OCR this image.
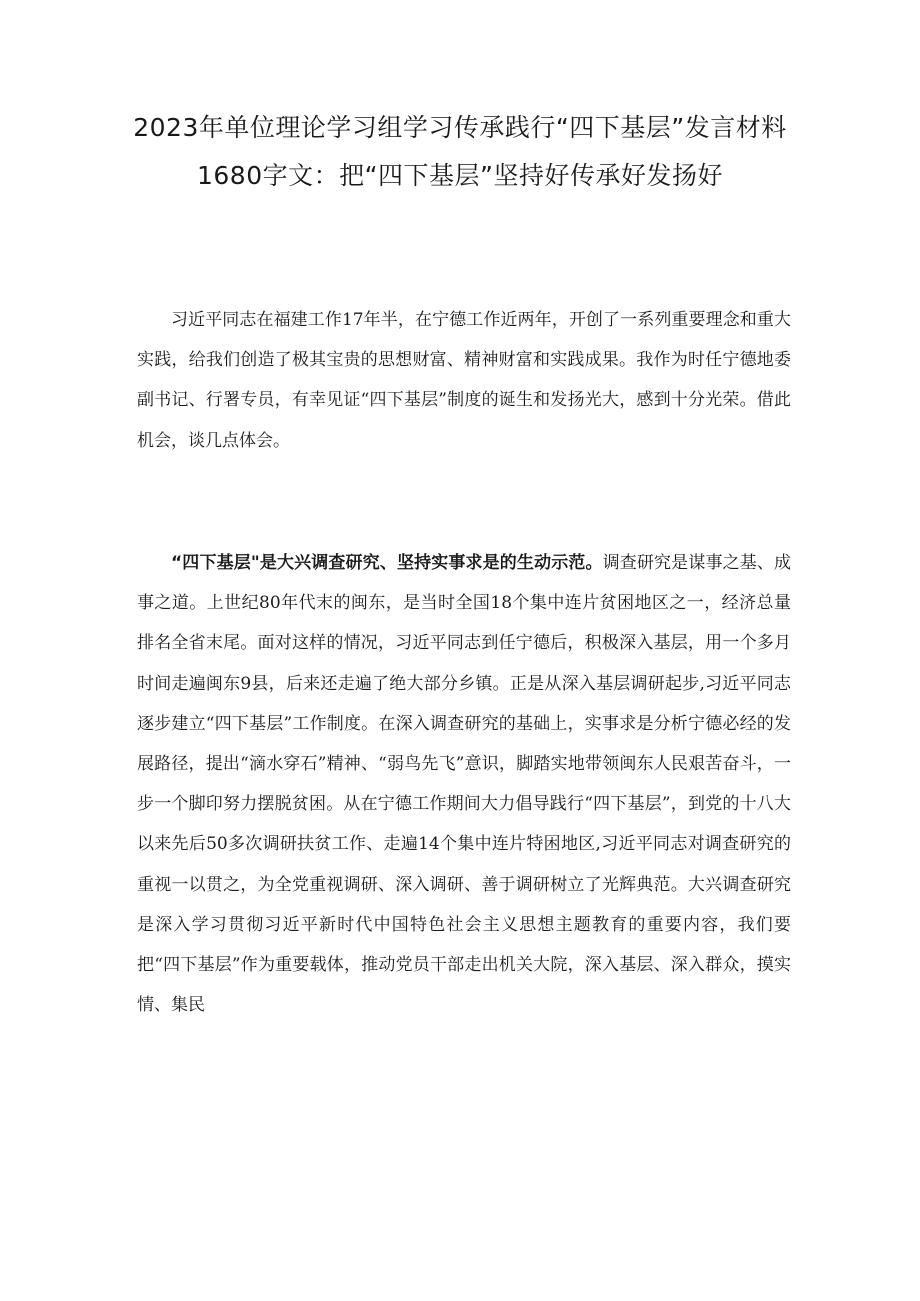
2023年单位理论学习组学习传承践行“四下基层”发言材料1680字文：把“四下基层”坚持好传承好发扬好

习近平同志在福建工作17年半，在宁德工作近两年，开创了一系列重要理念和重大实践，给我们创造了极其宝贵的思想财富、精神财富和实践成果。我作为时任宁德地委副书记、行署专员，有幸见证“四下基层”制度的诞生和发扬光大，感到十分光荣。借此机会，谈几点体会。

“四下基层"是大兴调查研究、坚持实事求是的生动示范。调查研究是谋事之基、成事之道。上世纪80年代末的闽东，是当时全国18个集中连片贫困地区之一，经济总量排名全省末尾。面对这样的情况，习近平同志到任宁德后，积极深入基层，用一个多月时间走遍闽东9县，后来还走遍了绝大部分乡镇。正是从深入基层调研起步,习近平同志逐步建立“四下基层”工作制度。在深入调查研究的基础上，实事求是分析宁德必经的发展路径，提出“滴水穿石”精神、“弱鸟先飞”意识，脚踏实地带领闽东人民艰苦奋斗，一步一个脚印努力摆脱贫困。从在宁德工作期间大力倡导践行“四下基层”，到党的十八大以来先后50多次调研扶贫工作、走遍14个集中连片特困地区,习近平同志对调查研究的重视一以贯之，为全党重视调研、深入调研、善于调研树立了光辉典范。大兴调查研究是深入学习贯彻习近平新时代中国特色社会主义思想主题教育的重要内容，我们要把“四下基层”作为重要载体，推动党员干部走出机关大院，深入基层、深入群众，摸实情、集民
